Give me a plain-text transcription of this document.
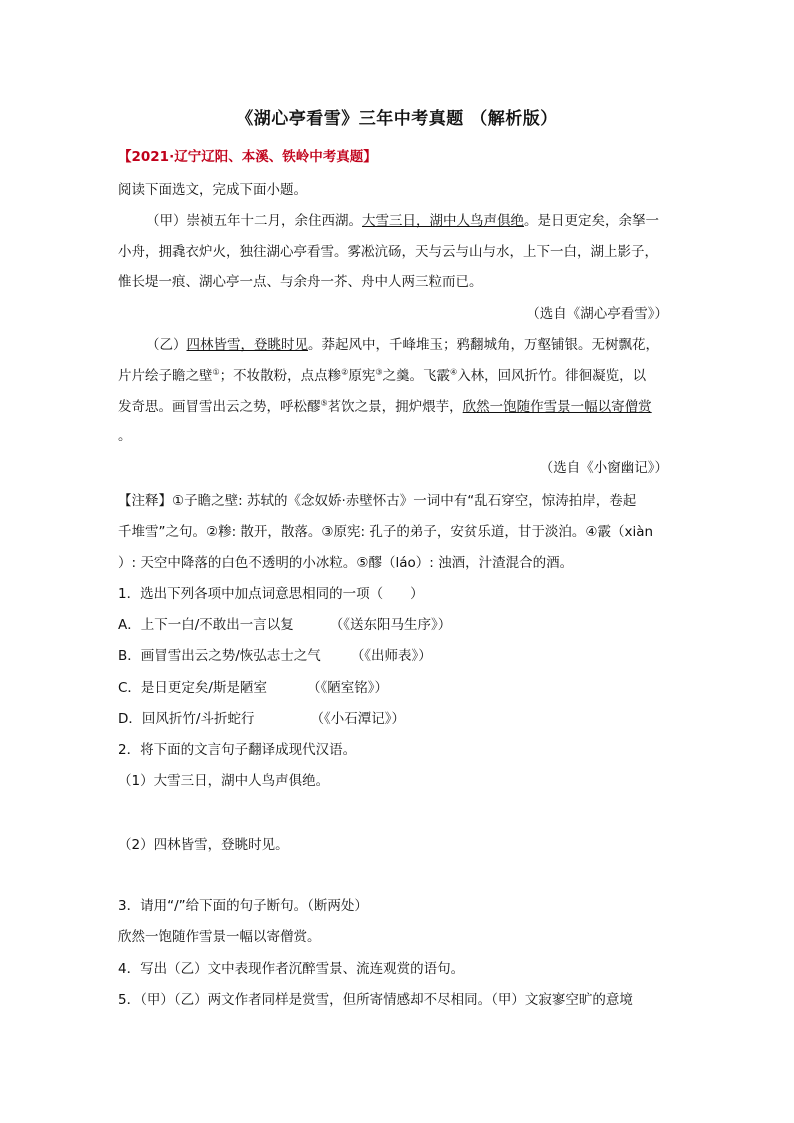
《湖心亭看雪》三年中考真题 （解析版）
【2021·辽宁辽阳、本溪、铁岭中考真题】
阅读下面选文，完成下面小题。
（甲）崇祯五年十二月，余住西湖。大雪三日，湖中人鸟声俱绝。是日更定矣，余拏一
小舟，拥毳衣炉火，独往湖心亭看雪。雾凇沆砀，天与云与山与水，上下一白，湖上影子，
惟长堤一痕、湖心亭一点、与余舟一芥、舟中人两三粒而已。
（选自《湖心亭看雪》）
（乙）四林皆雪，登眺时见。莽起风中，千峰堆玉；鸦翻城角，万壑铺银。无树飘花，
片片绘子瞻之壁①；不妆散粉，点点糁②原宪③之羹。飞霰④入林，回风折竹。徘徊凝览，以
发奇思。画冒雪出云之势，呼松醪⑤茗饮之景，拥炉煨芋，欣然一饱随作雪景一幅以寄僧赏
。
（选自《小窗幽记》）
【注释】①子瞻之壁: 苏轼的《念奴娇·赤壁怀古》一词中有“乱石穿空，惊涛拍岸，卷起
千堆雪”之句。②糁: 散开，散落。③原宪: 孔子的弟子，安贫乐道，甘于淡泊。④霰（xiàn
）: 天空中降落的白色不透明的小冰粒。⑤醪（láo）: 浊酒，汁渣混合的酒。
1．选出下列各项中加点词意思相同的一项（　　）
A．上下一白/不敢出一言以复	（《送东阳马生序》）
B．画冒雪出云之势/恢弘志士之气 （《出师表》）
C．是日更定矣/斯是陋室	（《陋室铭》）
D．回风折竹/斗折蛇行	（《小石潭记》）
2．将下面的文言句子翻译成现代汉语。
（1）大雪三日，湖中人鸟声俱绝。
（2）四林皆雪，登眺时见。
3．请用“/”给下面的句子断句。（断两处）
欣然一饱随作雪景一幅以寄僧赏。
4．写出（乙）文中表现作者沉醉雪景、流连观赏的语句。
5．（甲）（乙）两文作者同样是赏雪，但所寄情感却不尽相同。（甲）文寂寥空旷的意境
